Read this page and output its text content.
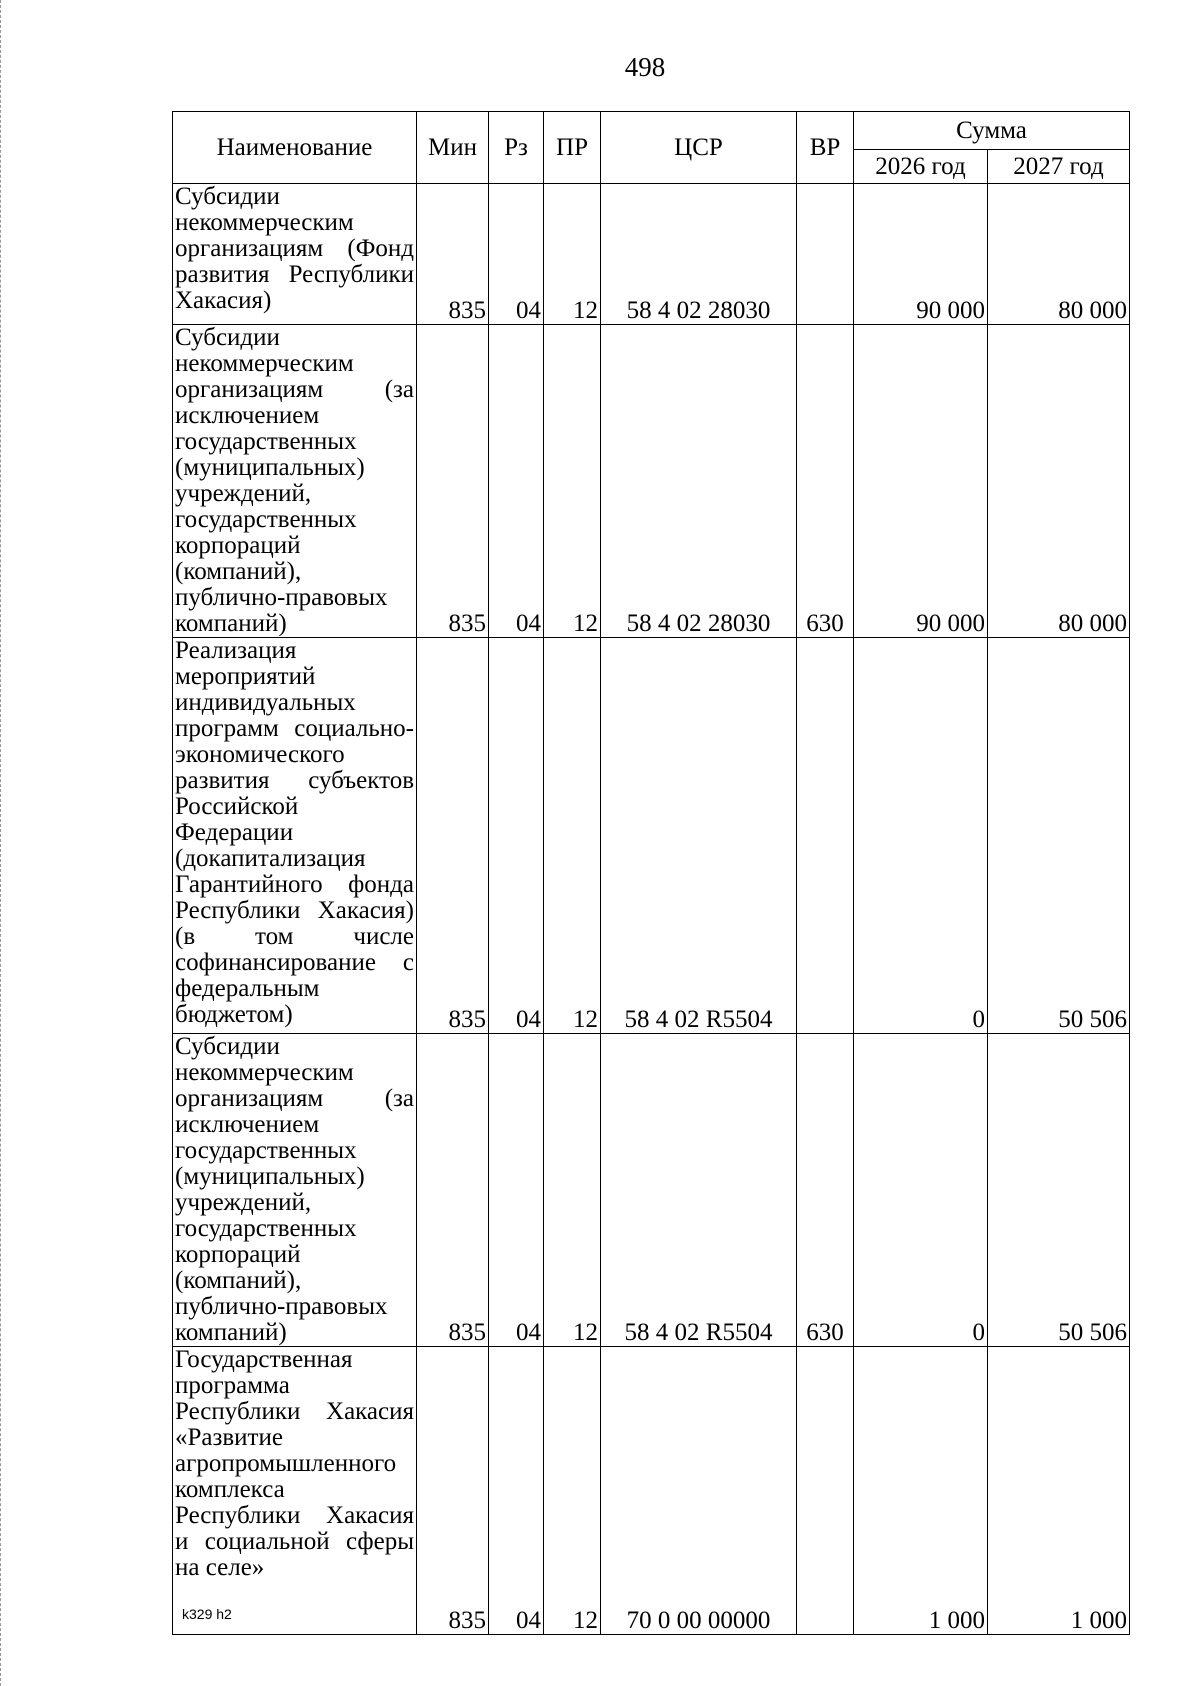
498
Наименование	Мин	Рз	ПР	ЦСР	ВР	Сумма	
						2026 год	2027 год
Субсидии некоммерческим организациям (Фонд развития Республики Хакасия)	835	04	12	58 4 02 28030		90 000	80 000
Субсидии некоммерческим организациям (за исключением государственных (муниципальных) учреждений, государственных корпораций (компаний), публично-правовых компаний)	835	04	12	58 4 02 28030	630	90 000	80 000
Реализация мероприятий индивидуальных программ социально-экономического развития субъектов Российской Федерации (докапитализация Гарантийного фонда Республики Хакасия) (в том числе софинансирование с федеральным бюджетом)	835	04	12	58 4 02 R5504		0	50 506
Субсидии некоммерческим организациям (за исключением государственных (муниципальных) учреждений, государственных корпораций (компаний), публично-правовых компаний)	835	04	12	58 4 02 R5504	630	0	50 506
Государственная программа Республики Хакасия «Развитие агропромышленного комплекса Республики Хакасия и социальной сферы на селе»	835	04	12	70 0 00 00000		1 000	1 000
k329 h2
